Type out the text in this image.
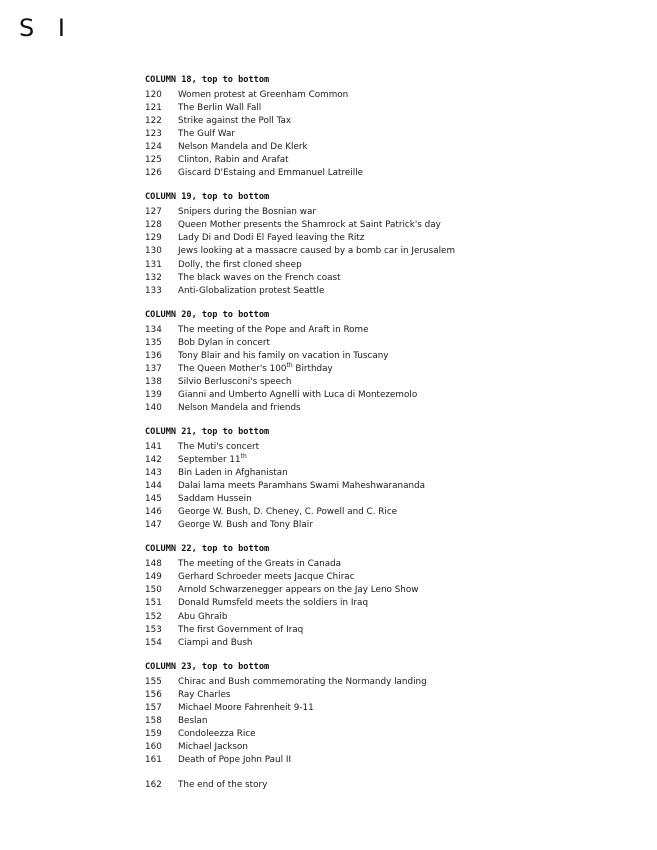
S I
COLUMN 18, top to bottom
120	Women protest at Greenham Common
121	The Berlin Wall Fall
122	Strike against the Poll Tax
123	The Gulf War
124	Nelson Mandela and De Klerk
125	Clinton, Rabin and Arafat
126	Giscard D'Estaing and Emmanuel Latreille
COLUMN 19, top to bottom
127	Snipers during the Bosnian war
128	Queen Mother presents the Shamrock at Saint Patrick's day
129	Lady Di and Dodi El Fayed leaving the Ritz
130	Jews looking at a massacre caused by a bomb car in Jerusalem
131	Dolly, the first cloned sheep
132	The black waves on the French coast
133	Anti-Globalization protest Seattle
COLUMN 20, top to bottom
134	The meeting of the Pope and Araft in Rome
135	Bob Dylan in concert
136	Tony Blair and his family on vacation in Tuscany
137	The Queen Mother's 100th Birthday
138	Silvio Berlusconi's speech
139	Gianni and Umberto Agnelli with Luca di Montezemolo
140	Nelson Mandela and friends
COLUMN 21, top to bottom
141	The Muti's concert
142	September 11th
143	Bin Laden in Afghanistan
144	Dalai lama meets Paramhans Swami Maheshwarananda
145	Saddam Hussein
146	George W. Bush, D. Cheney, C. Powell and C. Rice
147	George W. Bush and Tony Blair
COLUMN 22, top to bottom
148	The meeting of the Greats in Canada
149	Gerhard Schroeder meets Jacque Chirac
150	Arnold Schwarzenegger appears on the Jay Leno Show
151	Donald Rumsfeld meets the soldiers in Iraq
152	Abu Ghraib
153	The first Government of Iraq
154	Ciampi and Bush
COLUMN 23, top to bottom
155	Chirac and Bush commemorating the Normandy landing
156	Ray Charles
157	Michael Moore Fahrenheit 9-11
158	Beslan
159	Condoleezza Rice
160	Michael Jackson
161	Death of Pope John Paul II
162	The end of the story
